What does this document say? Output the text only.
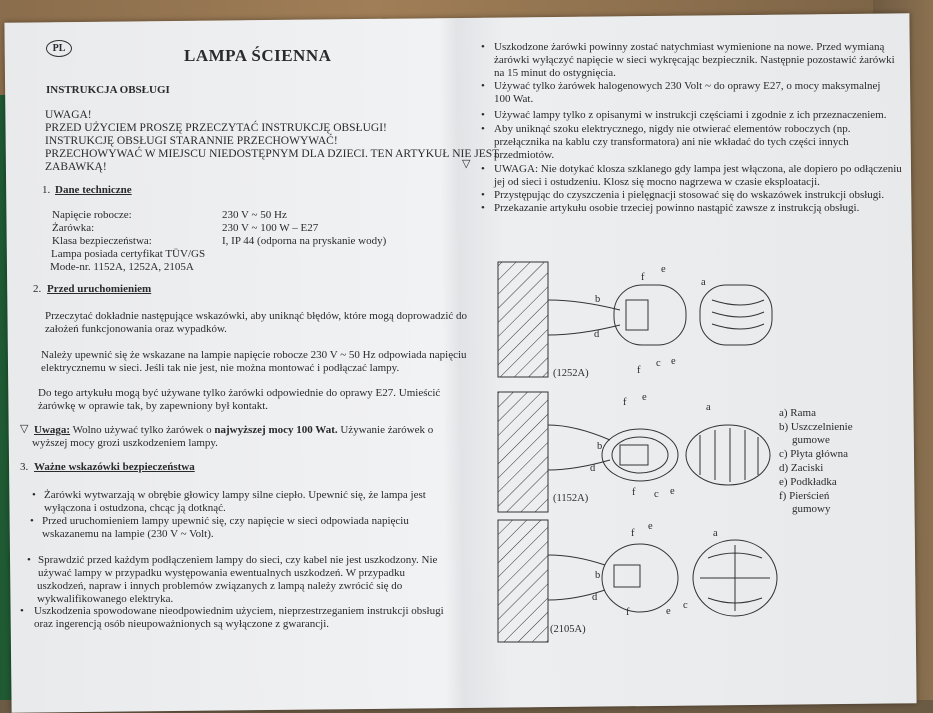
PL	LAMPA ŚCIENNA
INSTRUKCJA OBSŁUGI
UWAGA!
PRZED UŻYCIEM PROSZĘ PRZECZYTAĆ INSTRUKCJĘ OBSŁUGI!
INSTRUKCJĘ OBSŁUGI STARANNIE PRZECHOWYWAĆ!
PRZECHOWYWAĆ W MIEJSCU NIEDOSTĘPNYM DLA DZIECI. TEN ARTYKUŁ NIE JEST
ZABAWKĄ!
1. Dane techniczne
Napięcie robocze:	230 V ~ 50 Hz
Żarówka:	230 V ~ 100 W – E27
Klasa bezpieczeństwa:	I, IP 44 (odporna na pryskanie wody)
Lampa posiada certyfikat TÜV/GS
Mode-nr. 1152A, 1252A, 2105A
2. Przed uruchomieniem
Przeczytać dokładnie następujące wskazówki, aby uniknąć błędów, które mogą doprowadzić do
założeń funkcjonowania oraz wypadków.
Należy upewnić się że wskazane na lampie napięcie robocze 230 V ~ 50 Hz odpowiada napięciu
elektrycznemu w sieci. Jeśli tak nie jest, nie można montować i podłączać lampy.
Do tego artykułu mogą być używane tylko żarówki odpowiednie do oprawy E27. Umieścić
żarówkę w oprawie tak, by zapewniony był kontakt.
▽ Uwaga: Wolno używać tylko żarówek o najwyższej mocy 100 Wat. Używanie żarówek o
wyższej mocy grozi uszkodzeniem lampy.
3. Ważne wskazówki bezpieczeństwa
• Żarówki wytwarzają w obrębie głowicy lampy silne ciepło. Upewnić się, że lampa jest
wyłączona i ostudzona, chcąc ją dotknąć.
• Przed uruchomieniem lampy upewnić się, czy napięcie w sieci odpowiada napięciu
wskazanemu na lampie (230 V ~ Volt).
• Sprawdzić przed każdym podłączeniem lampy do sieci, czy kabel nie jest uszkodzony. Nie
używać lampy w przypadku występowania ewentualnych uszkodzeń. W przypadku
uszkodzeń, napraw i innych problemów związanych z lampą należy zwrócić się do
wykwalifikowanego elektryka.
• Uszkodzenia spowodowane nieodpowiednim użyciem, nieprzestrzeganiem instrukcji obsługi
oraz ingerencją osób nieupoważnionych są wyłączone z gwarancji.
• Uszkodzone żarówki powinny zostać natychmiast wymienione na nowe. Przed wymianą
żarówki wyłączyć napięcie w sieci wykręcając bezpiecznik. Następnie pozostawić żarówki
na 15 minut do ostygnięcia.
• Używać tylko żarówek halogenowych 230 Volt ~ do oprawy E27, o mocy maksymalnej
100 Wat.
• Używać lampy tylko z opisanymi w instrukcji częściami i zgodnie z ich przeznaczeniem.
• Aby uniknąć szoku elektrycznego, nigdy nie otwierać elementów roboczych (np.
przełącznika na kablu czy transformatora) ani nie wkładać do tych części innych
przedmiotów.
▽ • UWAGA: Nie dotykać klosza szklanego gdy lampa jest włączona, ale dopiero po odłączeniu
jej od sieci i ostudzeniu. Klosz się mocno nagrzewa w czasie eksploatacji.
• Przystępując do czyszczenia i pielęgnacji stosować się do wskazówek instrukcji obsługi.
• Przekazanie artykułu osobie trzeciej powinno nastąpić zawsze z instrukcją obsługi.
(1252A)
(1152A)
(2105A)
b
d
f
e
f
c e
a
b
d
f e
f c e
a
b
d
f
e
f	e
c
a
a) Rama
b) Uszczelnienie
gumowe
c) Płyta główna
d) Zaciski
e) Podkładka
f) Pierścień
gumowy
